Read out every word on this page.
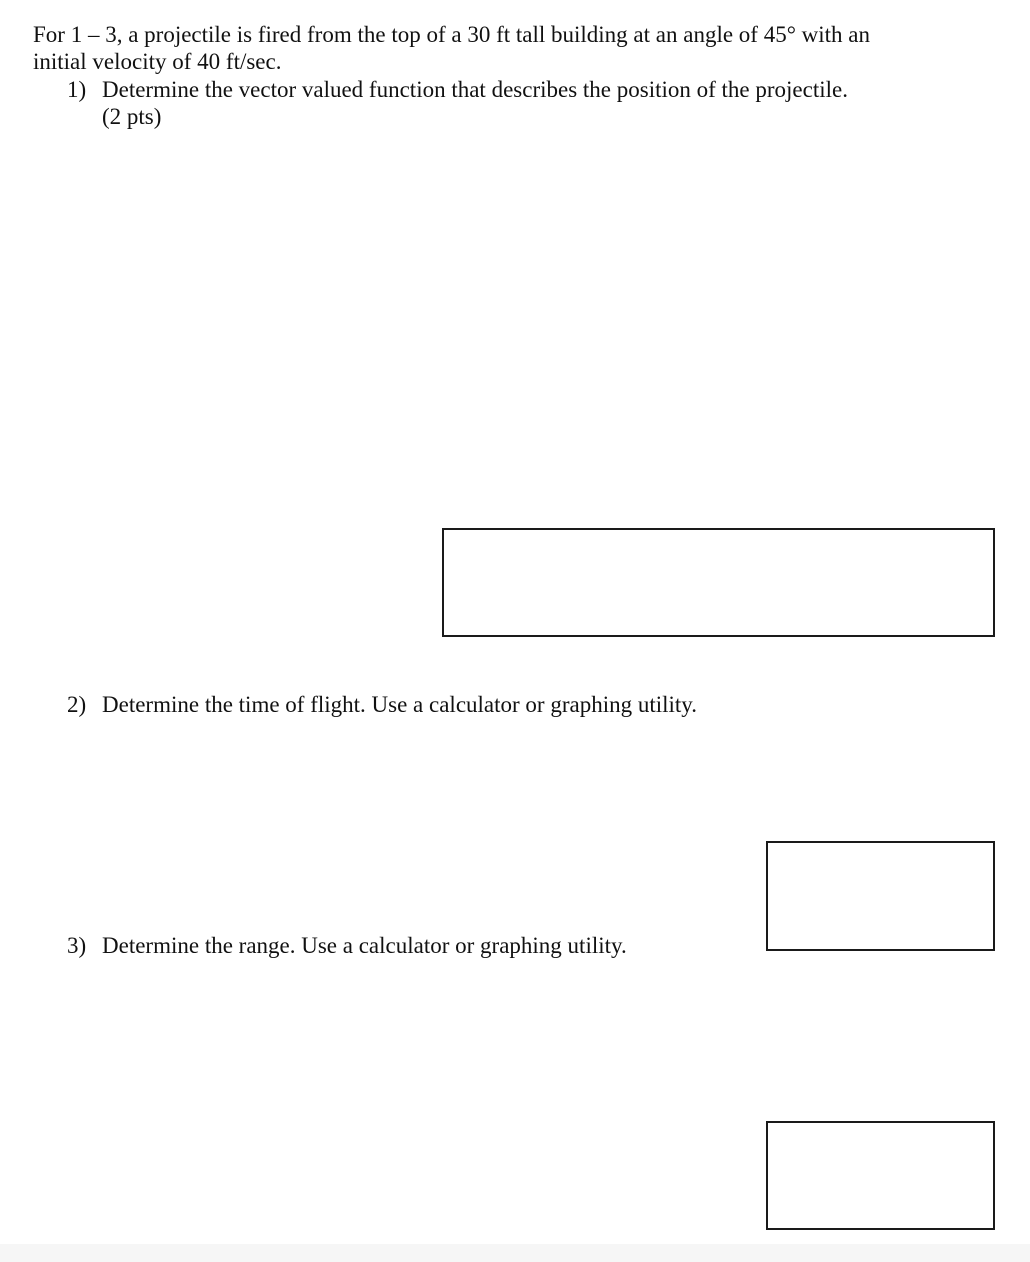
For 1 – 3, a projectile is fired from the top of a 30 ft tall building at an angle of 45° with an initial velocity of 40 ft/sec.

1) Determine the vector valued function that describes the position of the projectile.
(2 pts)
2) Determine the time of flight. Use a calculator or graphing utility.
3) Determine the range. Use a calculator or graphing utility.
